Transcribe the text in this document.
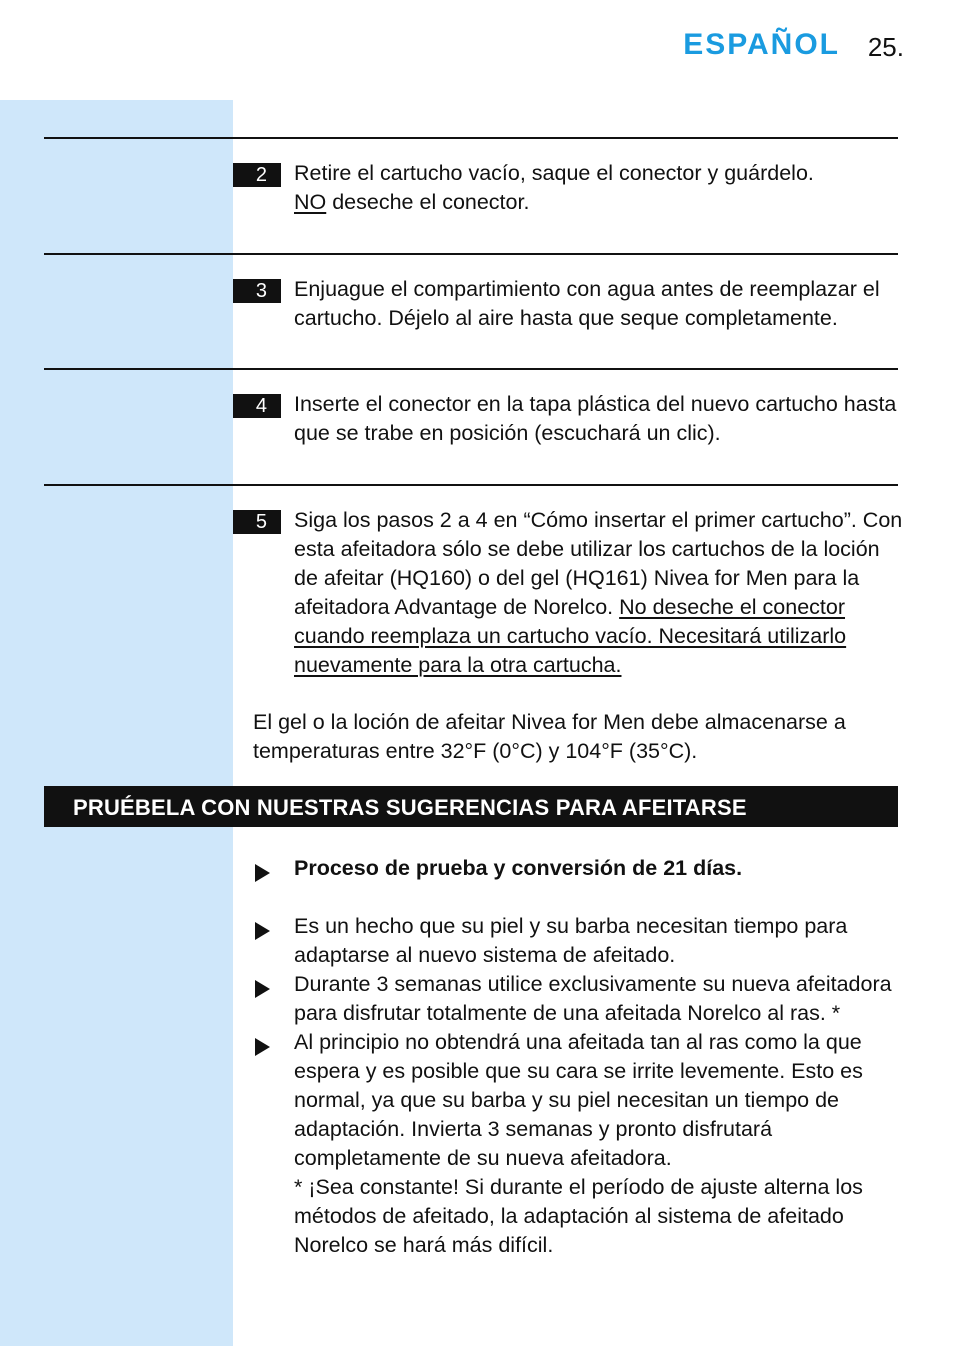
ESPAÑOL 25.
2	Retire el cartucho vacío, saque el conector y guárdelo.
NO deseche el conector.
3	Enjuague el compartimiento con agua antes de reemplazar el cartucho. Déjelo al aire hasta que seque completamente.
4	Inserte el conector en la tapa plástica del nuevo cartucho hasta que se trabe en posición (escuchará un clic).
5	Siga los pasos 2 a 4 en “Cómo insertar el primer cartucho”. Con esta afeitadora sólo se debe utilizar los cartuchos de la loción de afeitar (HQ160) o del gel (HQ161) Nivea for Men para la afeitadora Advantage de Norelco. No deseche el conector cuando reemplaza un cartucho vacío. Necesitará utilizarlo nuevamente para la otra cartucha.
El gel o la loción de afeitar Nivea for Men debe almacenarse a temperaturas entre 32°F (0°C) y 104°F (35°C).
PRUÉBELA CON NUESTRAS SUGERENCIAS PARA AFEITARSE
Proceso de prueba y conversión de 21 días.
Es un hecho que su piel y su barba necesitan tiempo para adaptarse al nuevo sistema de afeitado.
Durante 3 semanas utilice exclusivamente su nueva afeitadora para disfrutar totalmente de una afeitada Norelco al ras. *
Al principio no obtendrá una afeitada tan al ras como la que espera y es posible que su cara se irrite levemente. Esto es normal, ya que su barba y su piel necesitan un tiempo de adaptación. Invierta 3 semanas y pronto disfrutará completamente de su nueva afeitadora.
* ¡Sea constante! Si durante el período de ajuste alterna los métodos de afeitado, la adaptación al sistema de afeitado Norelco se hará más difícil.
